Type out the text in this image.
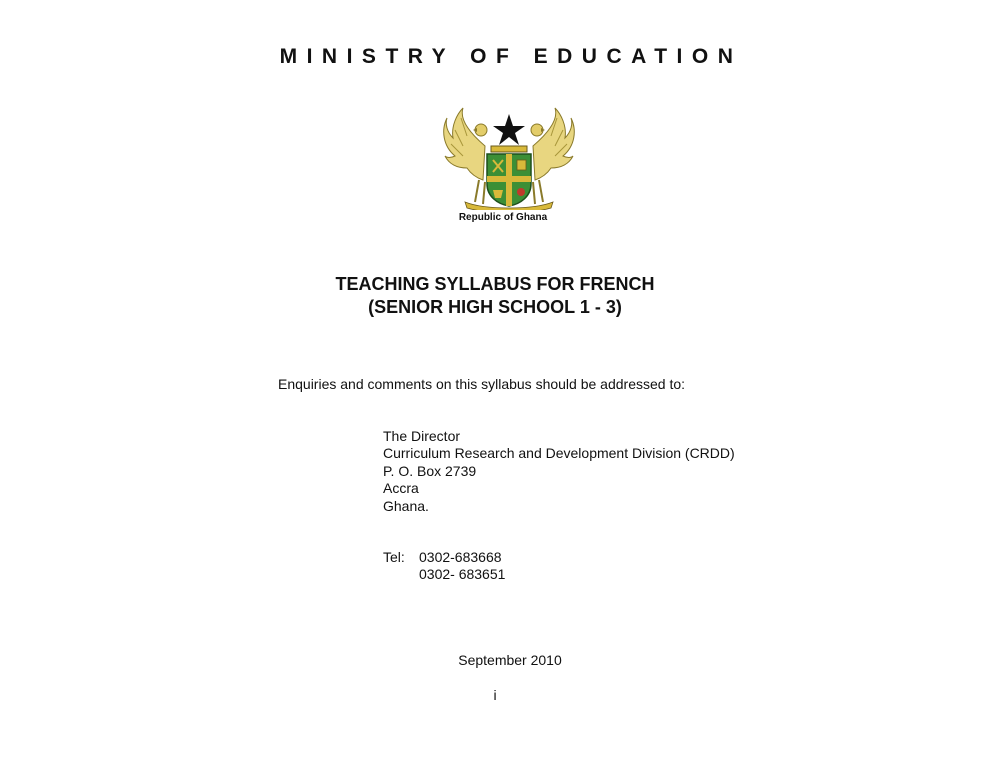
MINISTRY OF EDUCATION
Republic of Ghana
TEACHING SYLLABUS FOR FRENCH
(SENIOR HIGH SCHOOL 1 - 3)
Enquiries and comments on this syllabus should be addressed to:
The Director
Curriculum Research and Development Division (CRDD)
P. O. Box 2739
Accra
Ghana.
Tel: 0302-683668
0302- 683651
September 2010
i
